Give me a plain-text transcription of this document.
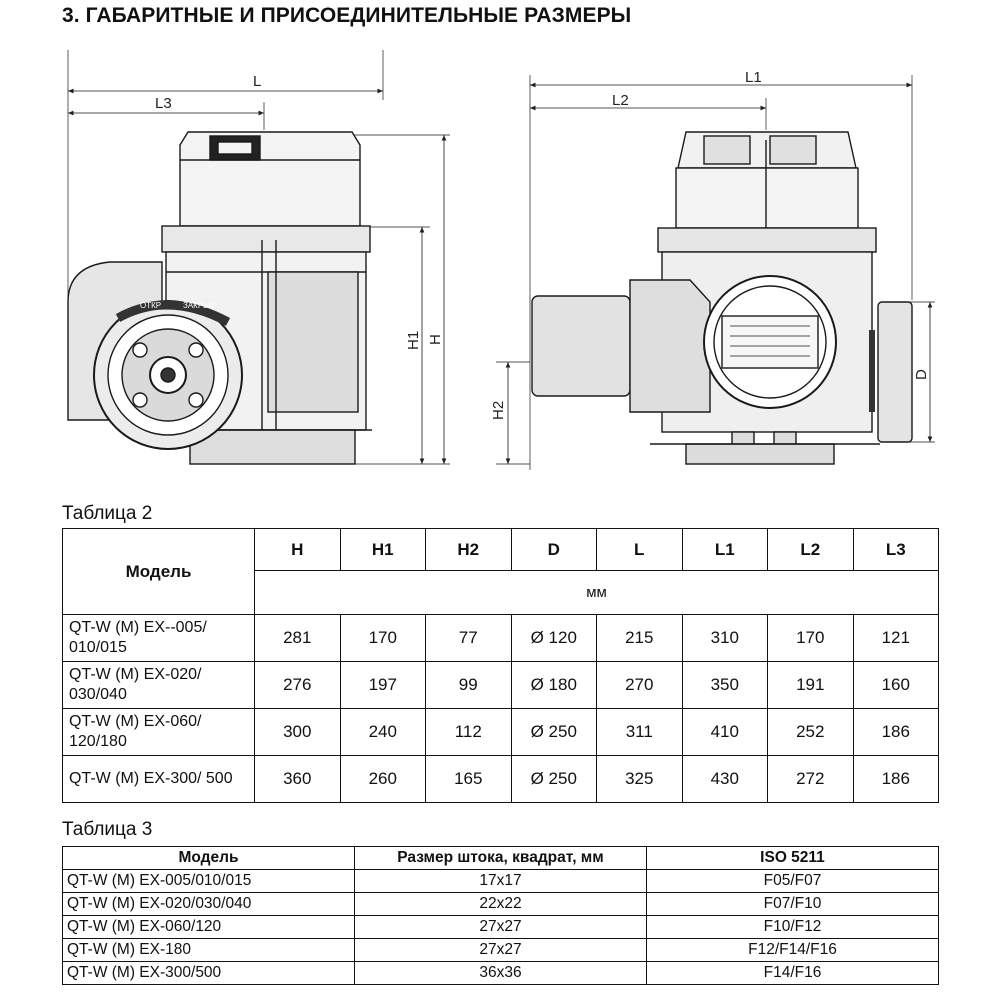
3. ГАБАРИТНЫЕ И ПРИСОЕДИНИТЕЛЬНЫЕ РАЗМЕРЫ
ОТКР	ЗАКРЫТ
L
L3
H
H1
L1
L2
H2
D
Таблица 2
Модель	H	H1	H2	D	L	L1	L2	L3
	мм							
QT-W (M) EX--005/ 010/015	281	170	77	Ø 120	215	310	170	121
QT-W (M) EX-020/ 030/040	276	197	99	Ø 180	270	350	191	160
QT-W (M) EX-060/ 120/180	300	240	112	Ø 250	311	410	252	186
QT-W (M) EX-300/ 500	360	260	165	Ø 250	325	430	272	186
Таблица 3
Модель	Размер штока, квадрат, мм	ISO 5211
QT-W (M) EX-005/010/015	17x17	F05/F07
QT-W (M) EX-020/030/040	22x22	F07/F10
QT-W (M) EX-060/120	27x27	F10/F12
QT-W (M) EX-180	27x27	F12/F14/F16
QT-W (M) EX-300/500	36x36	F14/F16
